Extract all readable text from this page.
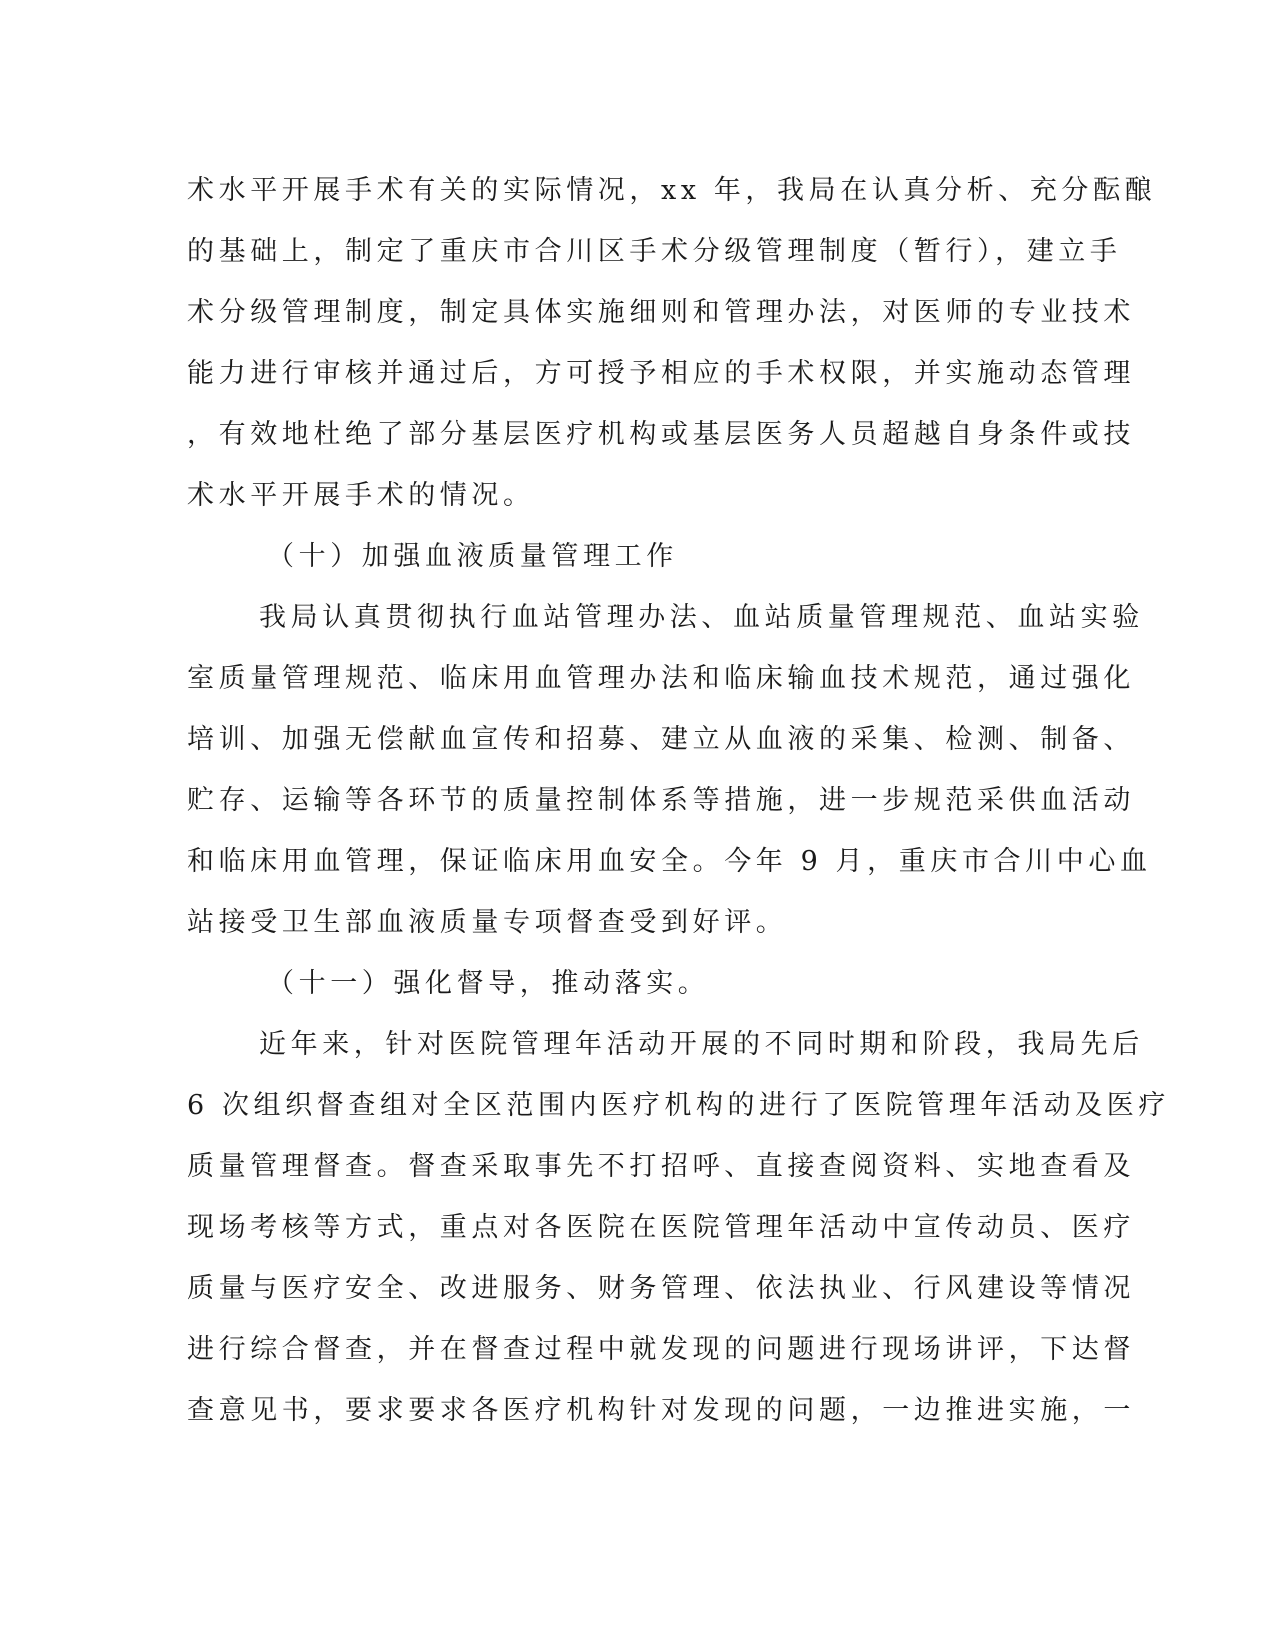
术水平开展手术有关的实际情况，xx 年，我局在认真分析、充分酝酿
的基础上，制定了重庆市合川区手术分级管理制度（暂行），建立手
术分级管理制度，制定具体实施细则和管理办法，对医师的专业技术
能力进行审核并通过后，方可授予相应的手术权限，并实施动态管理
，有效地杜绝了部分基层医疗机构或基层医务人员超越自身条件或技
术水平开展手术的情况。
（十）加强血液质量管理工作
我局认真贯彻执行血站管理办法、血站质量管理规范、血站实验
室质量管理规范、临床用血管理办法和临床输血技术规范，通过强化
培训、加强无偿献血宣传和招募、建立从血液的采集、检测、制备、
贮存、运输等各环节的质量控制体系等措施，进一步规范采供血活动
和临床用血管理，保证临床用血安全。今年 9 月，重庆市合川中心血
站接受卫生部血液质量专项督查受到好评。
（十一）强化督导，推动落实。
近年来，针对医院管理年活动开展的不同时期和阶段，我局先后
6 次组织督查组对全区范围内医疗机构的进行了医院管理年活动及医疗
质量管理督查。督查采取事先不打招呼、直接查阅资料、实地查看及
现场考核等方式，重点对各医院在医院管理年活动中宣传动员、医疗
质量与医疗安全、改进服务、财务管理、依法执业、行风建设等情况
进行综合督查，并在督查过程中就发现的问题进行现场讲评，下达督
查意见书，要求要求各医疗机构针对发现的问题，一边推进实施，一
